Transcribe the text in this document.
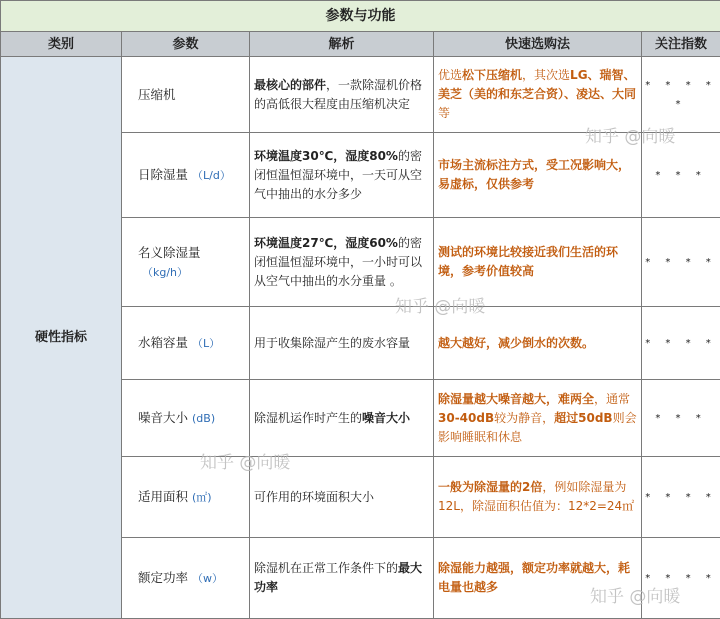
参数与功能				
类别	参数	解析	快速选购法	关注指数
硬性指标	压缩机	最核心的部件，一款除湿机价格的高低很大程度由压缩机决定	优选松下压缩机，其次选LG、瑞智、美芝（美的和东芝合资）、凌达、大同等	* * * * *
	日除湿量 （L/d）	环境温度30℃，湿度80%的密闭恒温恒湿环境中，一天可从空气中抽出的水分多少	市场主流标注方式，受工况影响大，易虚标，仅供参考	* * *
	名义除湿量（kg/h）	环境温度27℃，湿度60%的密闭恒温恒湿环境中，一小时可以从空气中抽出的水分重量 。	测试的环境比较接近我们生活的环境，参考价值较高	* * * *
	水箱容量 （L）	用于收集除湿产生的废水容量	越大越好，减少倒水的次数。	* * * *
	噪音大小 (dB)	除湿机运作时产生的噪音大小	除湿量越大噪音越大，难两全，通常30-40dB较为静音，超过50dB则会影响睡眠和休息	* * *
	适用面积 (㎡)	可作用的环境面积大小	一般为除湿量的2倍，例如除湿量为12L，除湿面积估值为：12*2=24㎡	* * * *
	额定功率 （w）	除湿机在正常工作条件下的最大功率	除湿能力越强，额定功率就越大，耗电量也越多	* * * *
知乎 @向暖
知乎 @向暖
知乎 @向暖
知乎 @向暖
